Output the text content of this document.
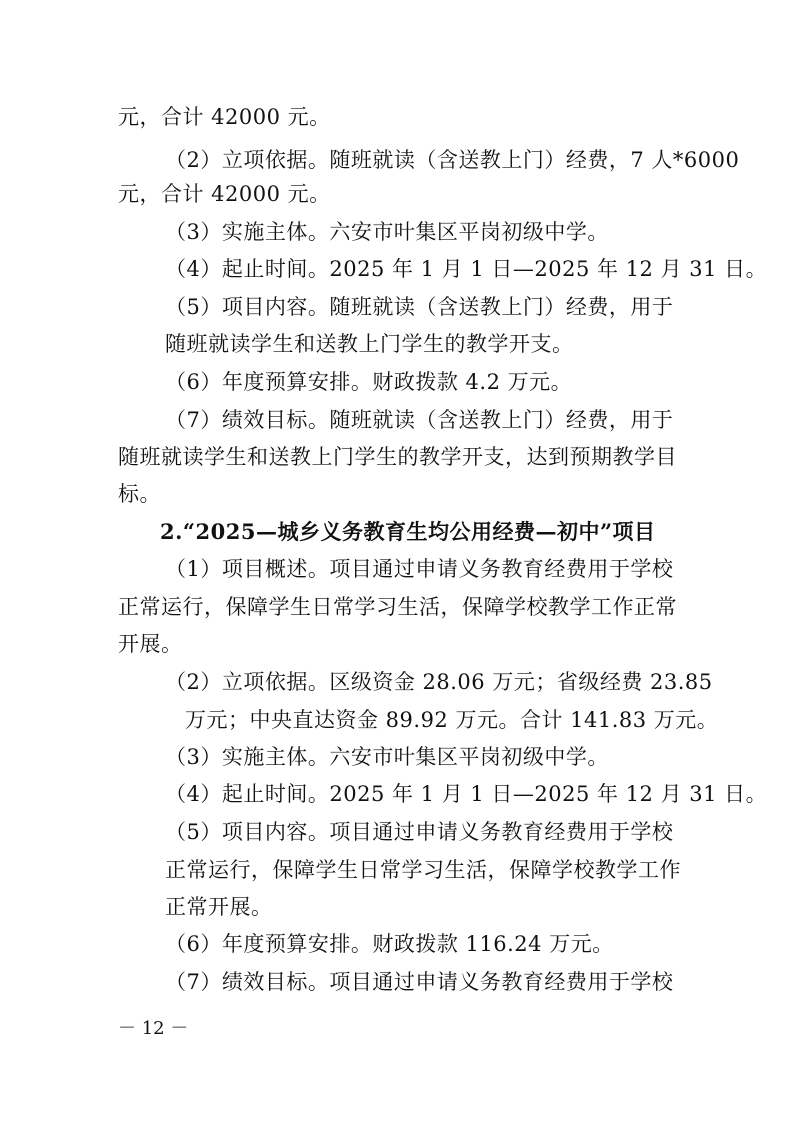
元，合计 42000 元。
（2）立项依据。随班就读（含送教上门）经费，7 人*6000
元，合计 42000 元。
（3）实施主体。六安市叶集区平岗初级中学。
（4）起止时间。2025 年 1 月 1 日—2025 年 12 月 31 日。
（5）项目内容。随班就读（含送教上门）经费，用于
随班就读学生和送教上门学生的教学开支。
（6）年度预算安排。财政拨款 4.2 万元。
（7）绩效目标。随班就读（含送教上门）经费，用于
随班就读学生和送教上门学生的教学开支，达到预期教学目
标。
2.“2025—城乡义务教育生均公用经费—初中”项目
（1）项目概述。项目通过申请义务教育经费用于学校
正常运行，保障学生日常学习生活，保障学校教学工作正常
开展。
（2）立项依据。区级资金 28.06 万元；省级经费 23.85
万元；中央直达资金 89.92 万元。合计 141.83 万元。
（3）实施主体。六安市叶集区平岗初级中学。
（4）起止时间。2025 年 1 月 1 日—2025 年 12 月 31 日。
（5）项目内容。项目通过申请义务教育经费用于学校
正常运行，保障学生日常学习生活，保障学校教学工作
正常开展。
（6）年度预算安排。财政拨款 116.24 万元。
（7）绩效目标。项目通过申请义务教育经费用于学校
－ 12 －
